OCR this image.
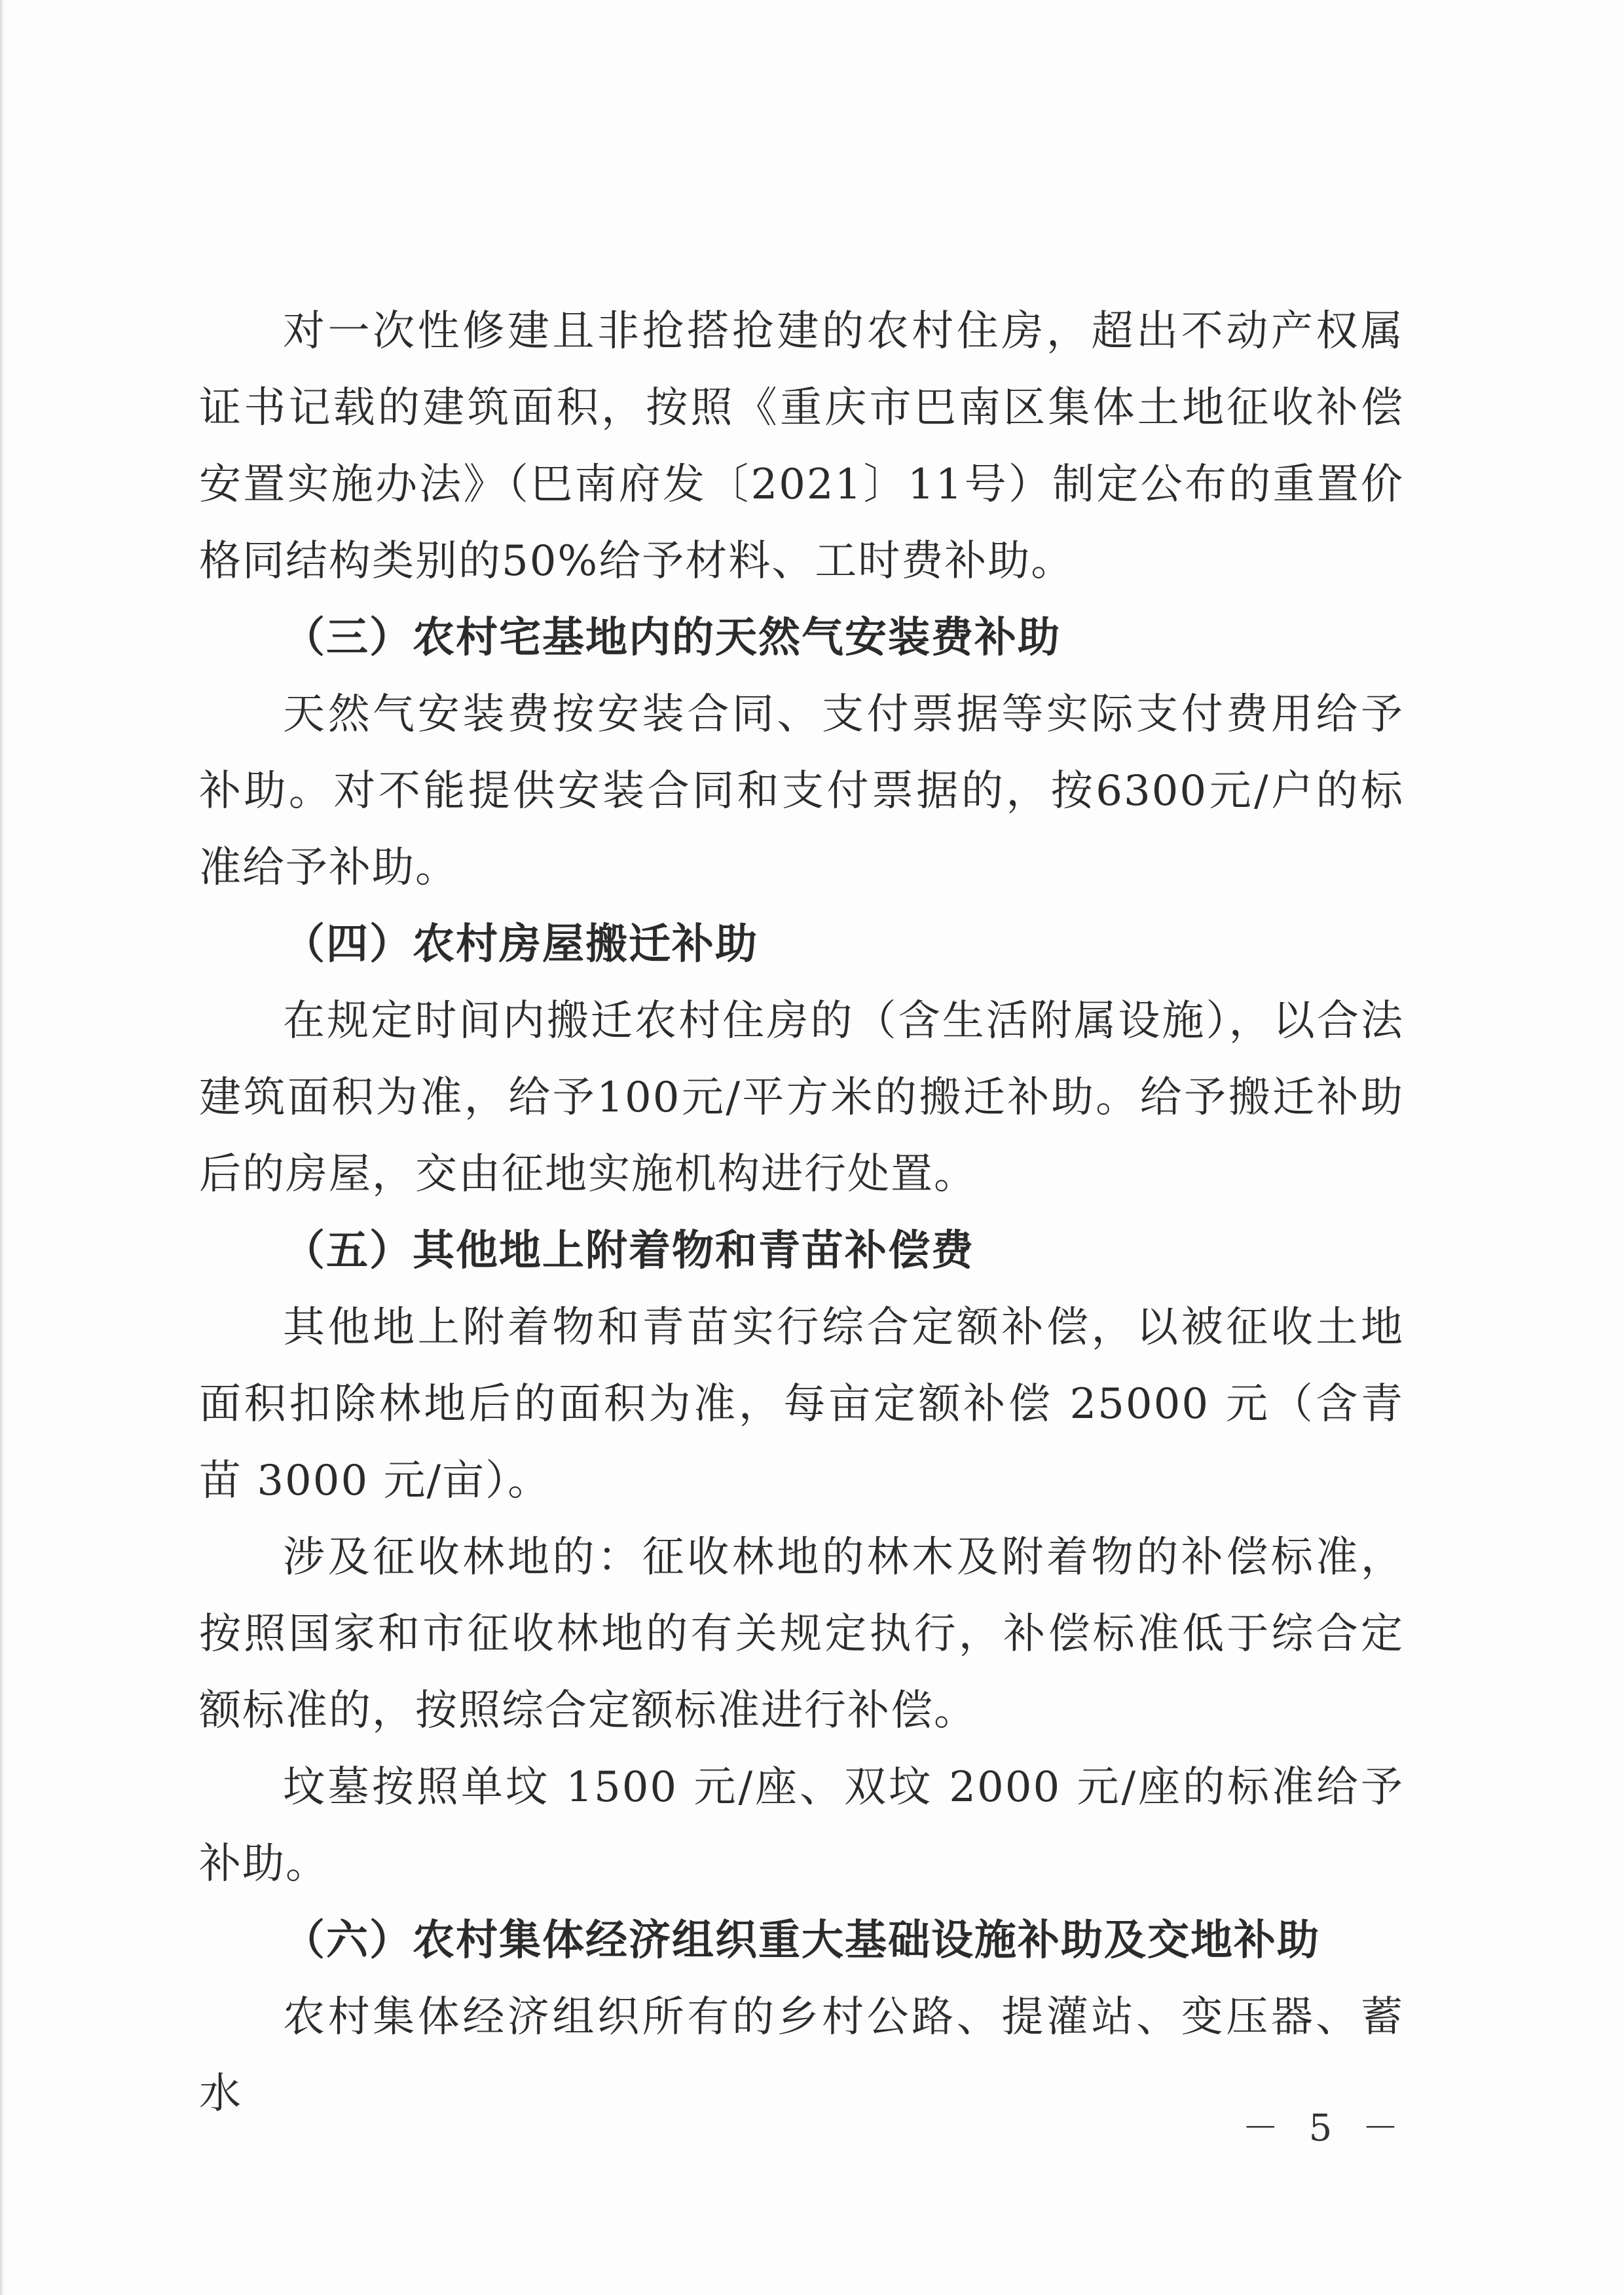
对一次性修建且非抢搭抢建的农村住房，超出不动产权属证书记载的建筑面积，按照《重庆市巴南区集体土地征收补偿安置实施办法》（巴南府发〔2021〕11号）制定公布的重置价格同结构类别的50%给予材料、工时费补助。

（三）农村宅基地内的天然气安装费补助

天然气安装费按安装合同、支付票据等实际支付费用给予补助。对不能提供安装合同和支付票据的，按6300元/户的标准给予补助。

（四）农村房屋搬迁补助

在规定时间内搬迁农村住房的（含生活附属设施），以合法建筑面积为准，给予100元/平方米的搬迁补助。给予搬迁补助后的房屋，交由征地实施机构进行处置。

（五）其他地上附着物和青苗补偿费

其他地上附着物和青苗实行综合定额补偿，以被征收土地面积扣除林地后的面积为准，每亩定额补偿 25000 元（含青苗 3000 元/亩）。

涉及征收林地的：征收林地的林木及附着物的补偿标准，按照国家和市征收林地的有关规定执行，补偿标准低于综合定额标准的，按照综合定额标准进行补偿。

坟墓按照单坟 1500 元/座、双坟 2000 元/座的标准给予补助。

（六）农村集体经济组织重大基础设施补助及交地补助

农村集体经济组织所有的乡村公路、提灌站、变压器、蓄水

－ 5 －
